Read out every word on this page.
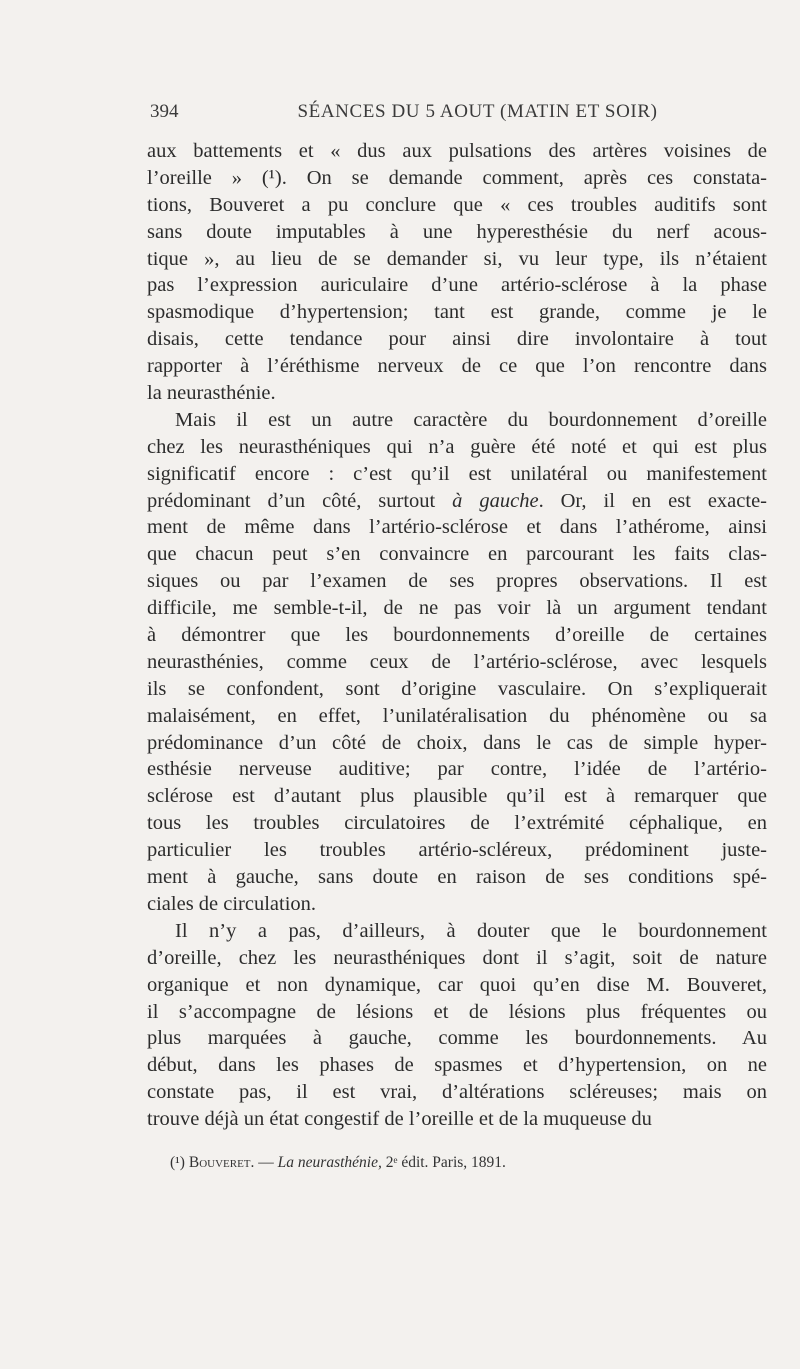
394	SÉANCES DU 5 AOUT (MATIN ET SOIR)
aux battements et « dus aux pulsations des artères voisines de
l’oreille » (¹). On se demande comment, après ces constata-
tions, Bouveret a pu conclure que « ces troubles auditifs sont
sans doute imputables à une hyperesthésie du nerf acous-
tique », au lieu de se demander si, vu leur type, ils n’étaient
pas l’expression auriculaire d’une artério-sclérose à la phase
spasmodique d’hypertension; tant est grande, comme je le
disais, cette tendance pour ainsi dire involontaire à tout
rapporter à l’éréthisme nerveux de ce que l’on rencontre dans
la neurasthénie.
Mais il est un autre caractère du bourdonnement d’oreille
chez les neurasthéniques qui n’a guère été noté et qui est plus
significatif encore : c’est qu’il est unilatéral ou manifestement
prédominant d’un côté, surtout à gauche. Or, il en est exacte-
ment de même dans l’artério-sclérose et dans l’athérome, ainsi
que chacun peut s’en convaincre en parcourant les faits clas-
siques ou par l’examen de ses propres observations. Il est
difficile, me semble-t-il, de ne pas voir là un argument tendant
à démontrer que les bourdonnements d’oreille de certaines
neurasthénies, comme ceux de l’artério-sclérose, avec lesquels
ils se confondent, sont d’origine vasculaire. On s’expliquerait
malaisément, en effet, l’unilatéralisation du phénomène ou sa
prédominance d’un côté de choix, dans le cas de simple hyper-
esthésie nerveuse auditive; par contre, l’idée de l’artério-
sclérose est d’autant plus plausible qu’il est à remarquer que
tous les troubles circulatoires de l’extrémité céphalique, en
particulier les troubles artério-scléreux, prédominent juste-
ment à gauche, sans doute en raison de ses conditions spé-
ciales de circulation.
Il n’y a pas, d’ailleurs, à douter que le bourdonnement
d’oreille, chez les neurasthéniques dont il s’agit, soit de nature
organique et non dynamique, car quoi qu’en dise M. Bouveret,
il s’accompagne de lésions et de lésions plus fréquentes ou
plus marquées à gauche, comme les bourdonnements. Au
début, dans les phases de spasmes et d’hypertension, on ne
constate pas, il est vrai, d’altérations scléreuses; mais on
trouve déjà un état congestif de l’oreille et de la muqueuse du
(¹) Bouveret. — La neurasthénie, 2ᵉ édit. Paris, 1891.
